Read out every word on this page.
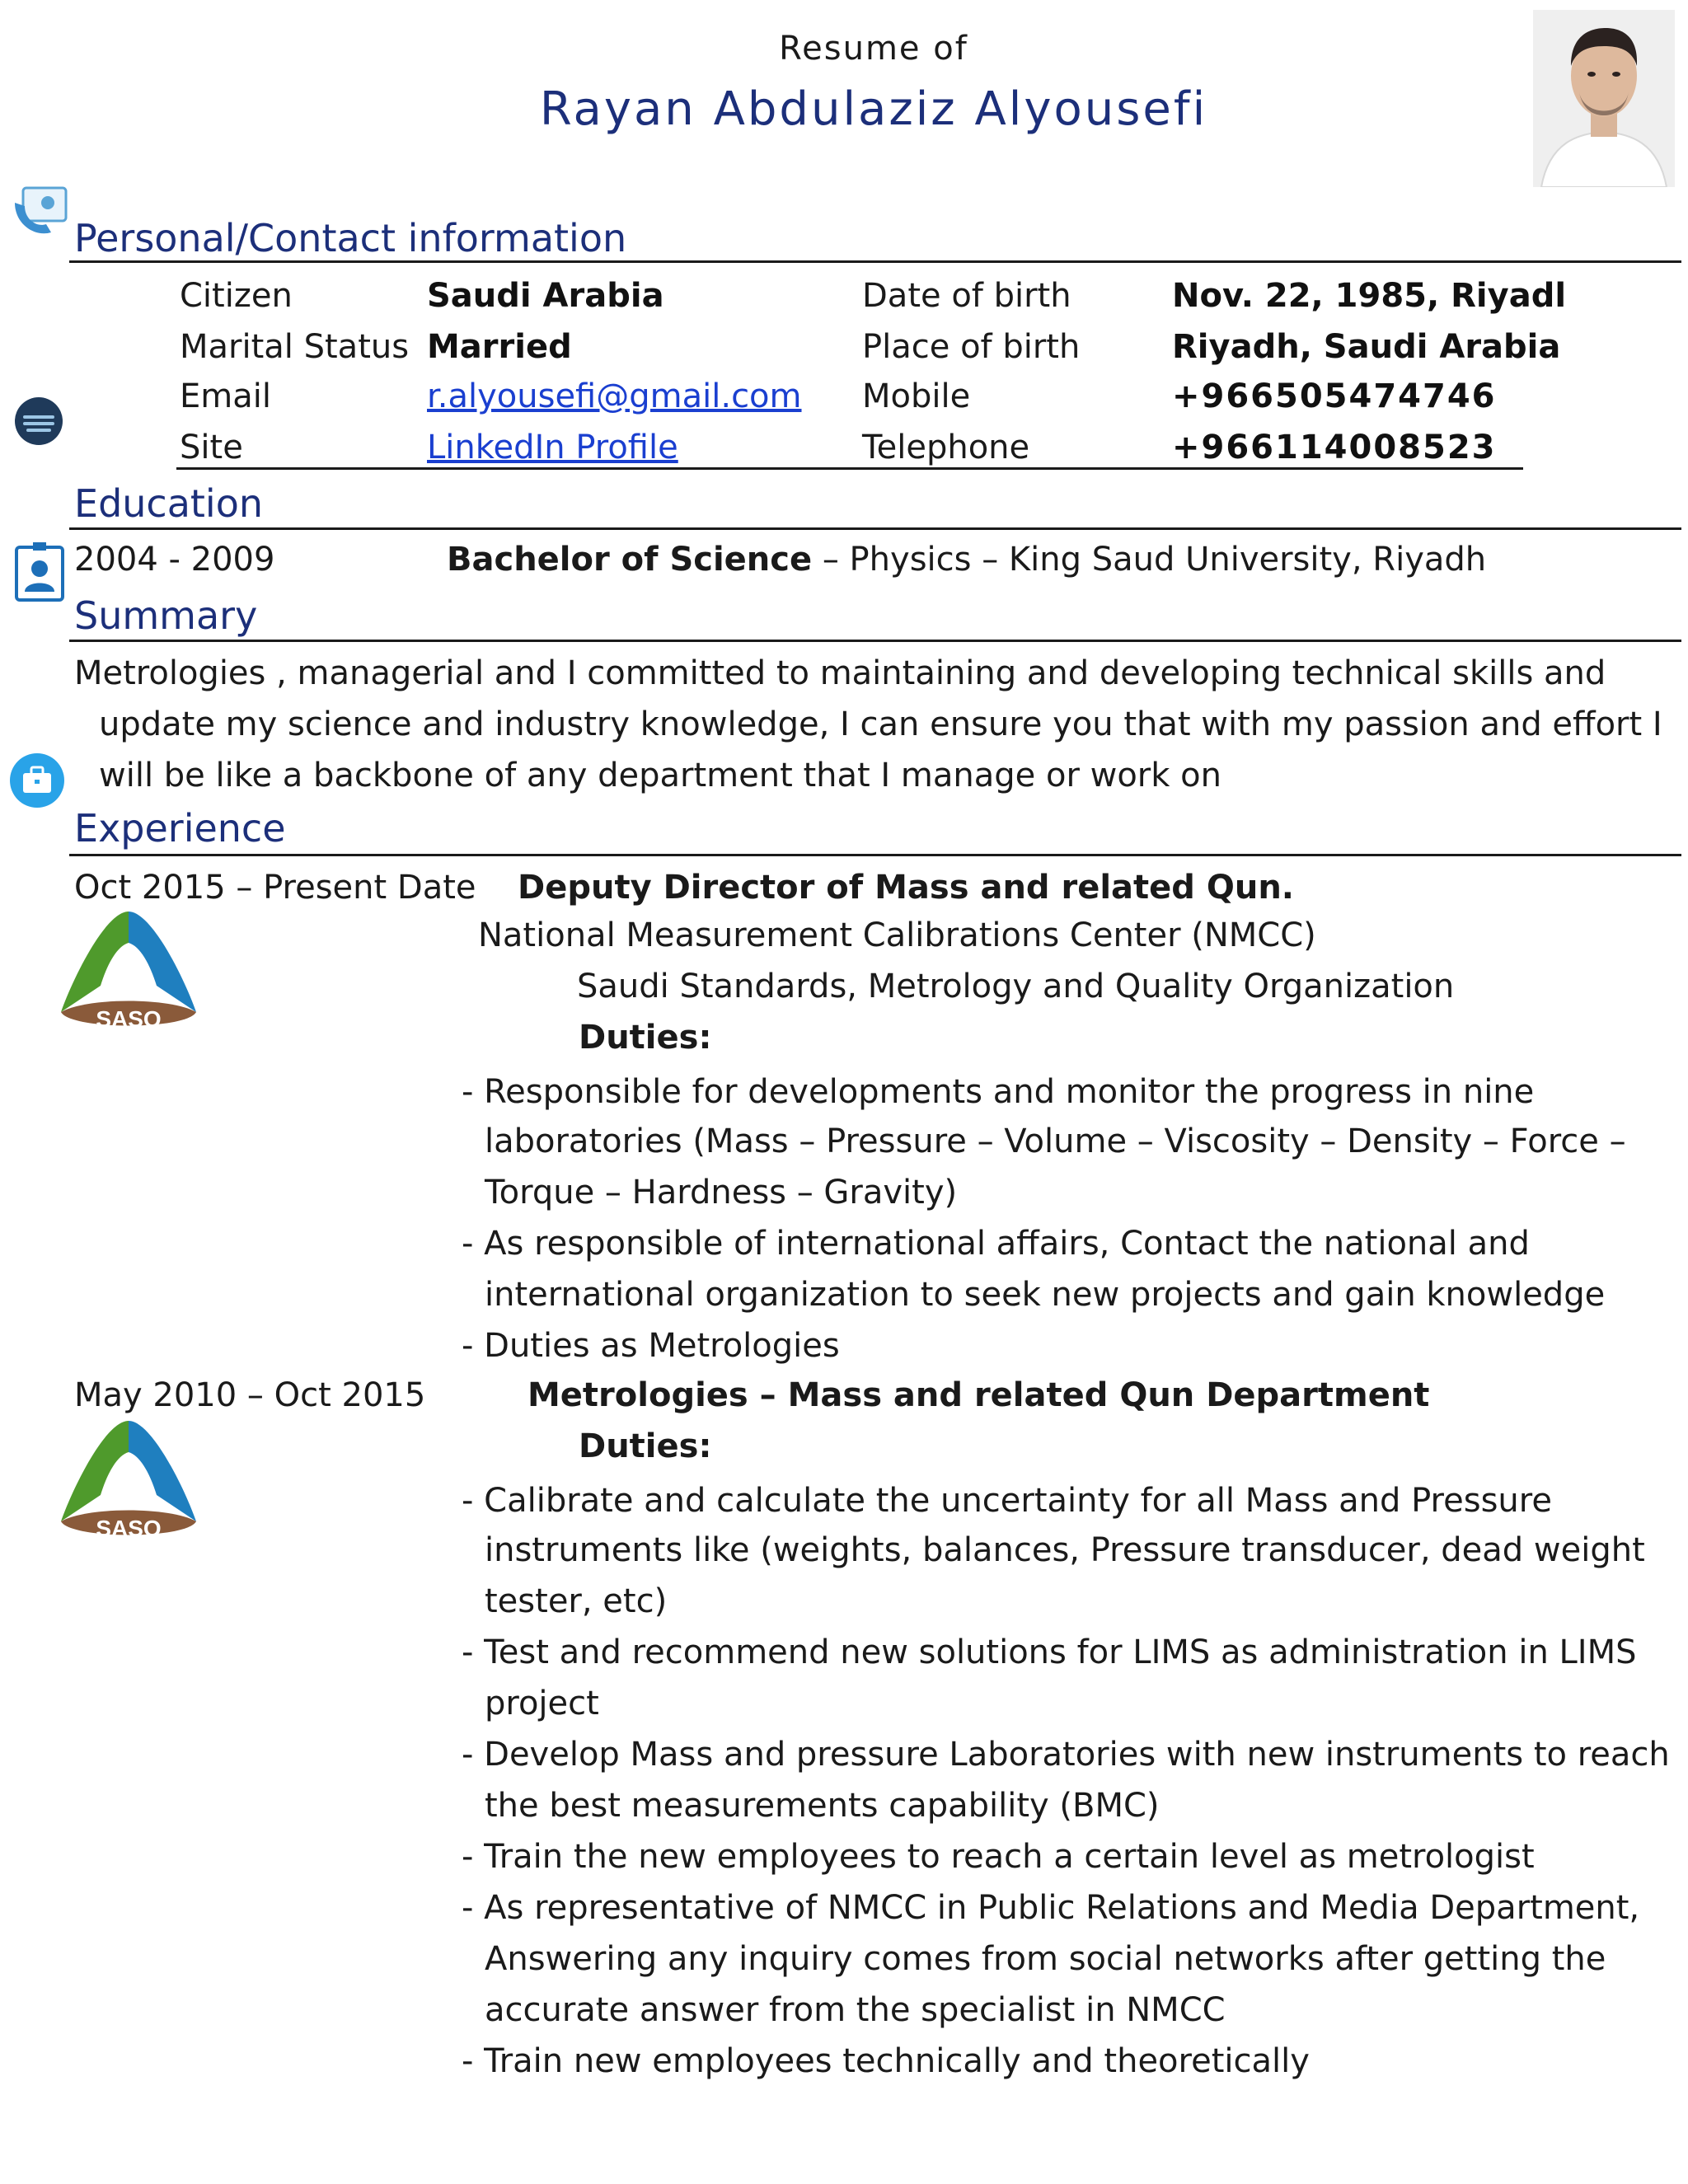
Resume of
Rayan Abdulaziz Alyousefi
Personal/Contact information
Citizen	Saudi Arabia	Date of birth	Nov. 22, 1985, Riyadl
Marital Status Married	Place of birth	Riyadh, Saudi Arabia
Email	r.alyousefi@gmail.com Mobile	+966505474746
Site	LinkedIn Profile	Telephone	+966114008523
Education
2004 - 2009	Bachelor of Science – Physics – King Saud University, Riyadh
Summary
Metrologies , managerial and I committed to maintaining and developing technical skills and
update my science and industry knowledge, I can ensure you that with my passion and effort I
will be like a backbone of any department that I manage or work on
Experience
Oct 2015 – Present Date Deputy Director of Mass and related Qun.
National Measurement Calibrations Center (NMCC)
Saudi Standards, Metrology and Quality Organization
Duties:
SASO
- Responsible for developments and monitor the progress in nine
laboratories (Mass – Pressure – Volume – Viscosity – Density – Force –
Torque – Hardness – Gravity)
- As responsible of international affairs, Contact the national and
international organization to seek new projects and gain knowledge
- Duties as Metrologies
May 2010 – Oct 2015	Metrologies – Mass and related Qun Department
Duties:
SASO
- Calibrate and calculate the uncertainty for all Mass and Pressure
instruments like (weights, balances, Pressure transducer, dead weight
tester, etc)
- Test and recommend new solutions for LIMS as administration in LIMS
project
- Develop Mass and pressure Laboratories with new instruments to reach
the best measurements capability (BMC)
- Train the new employees to reach a certain level as metrologist
- As representative of NMCC in Public Relations and Media Department,
Answering any inquiry comes from social networks after getting the
accurate answer from the specialist in NMCC
- Train new employees technically and theoretically
